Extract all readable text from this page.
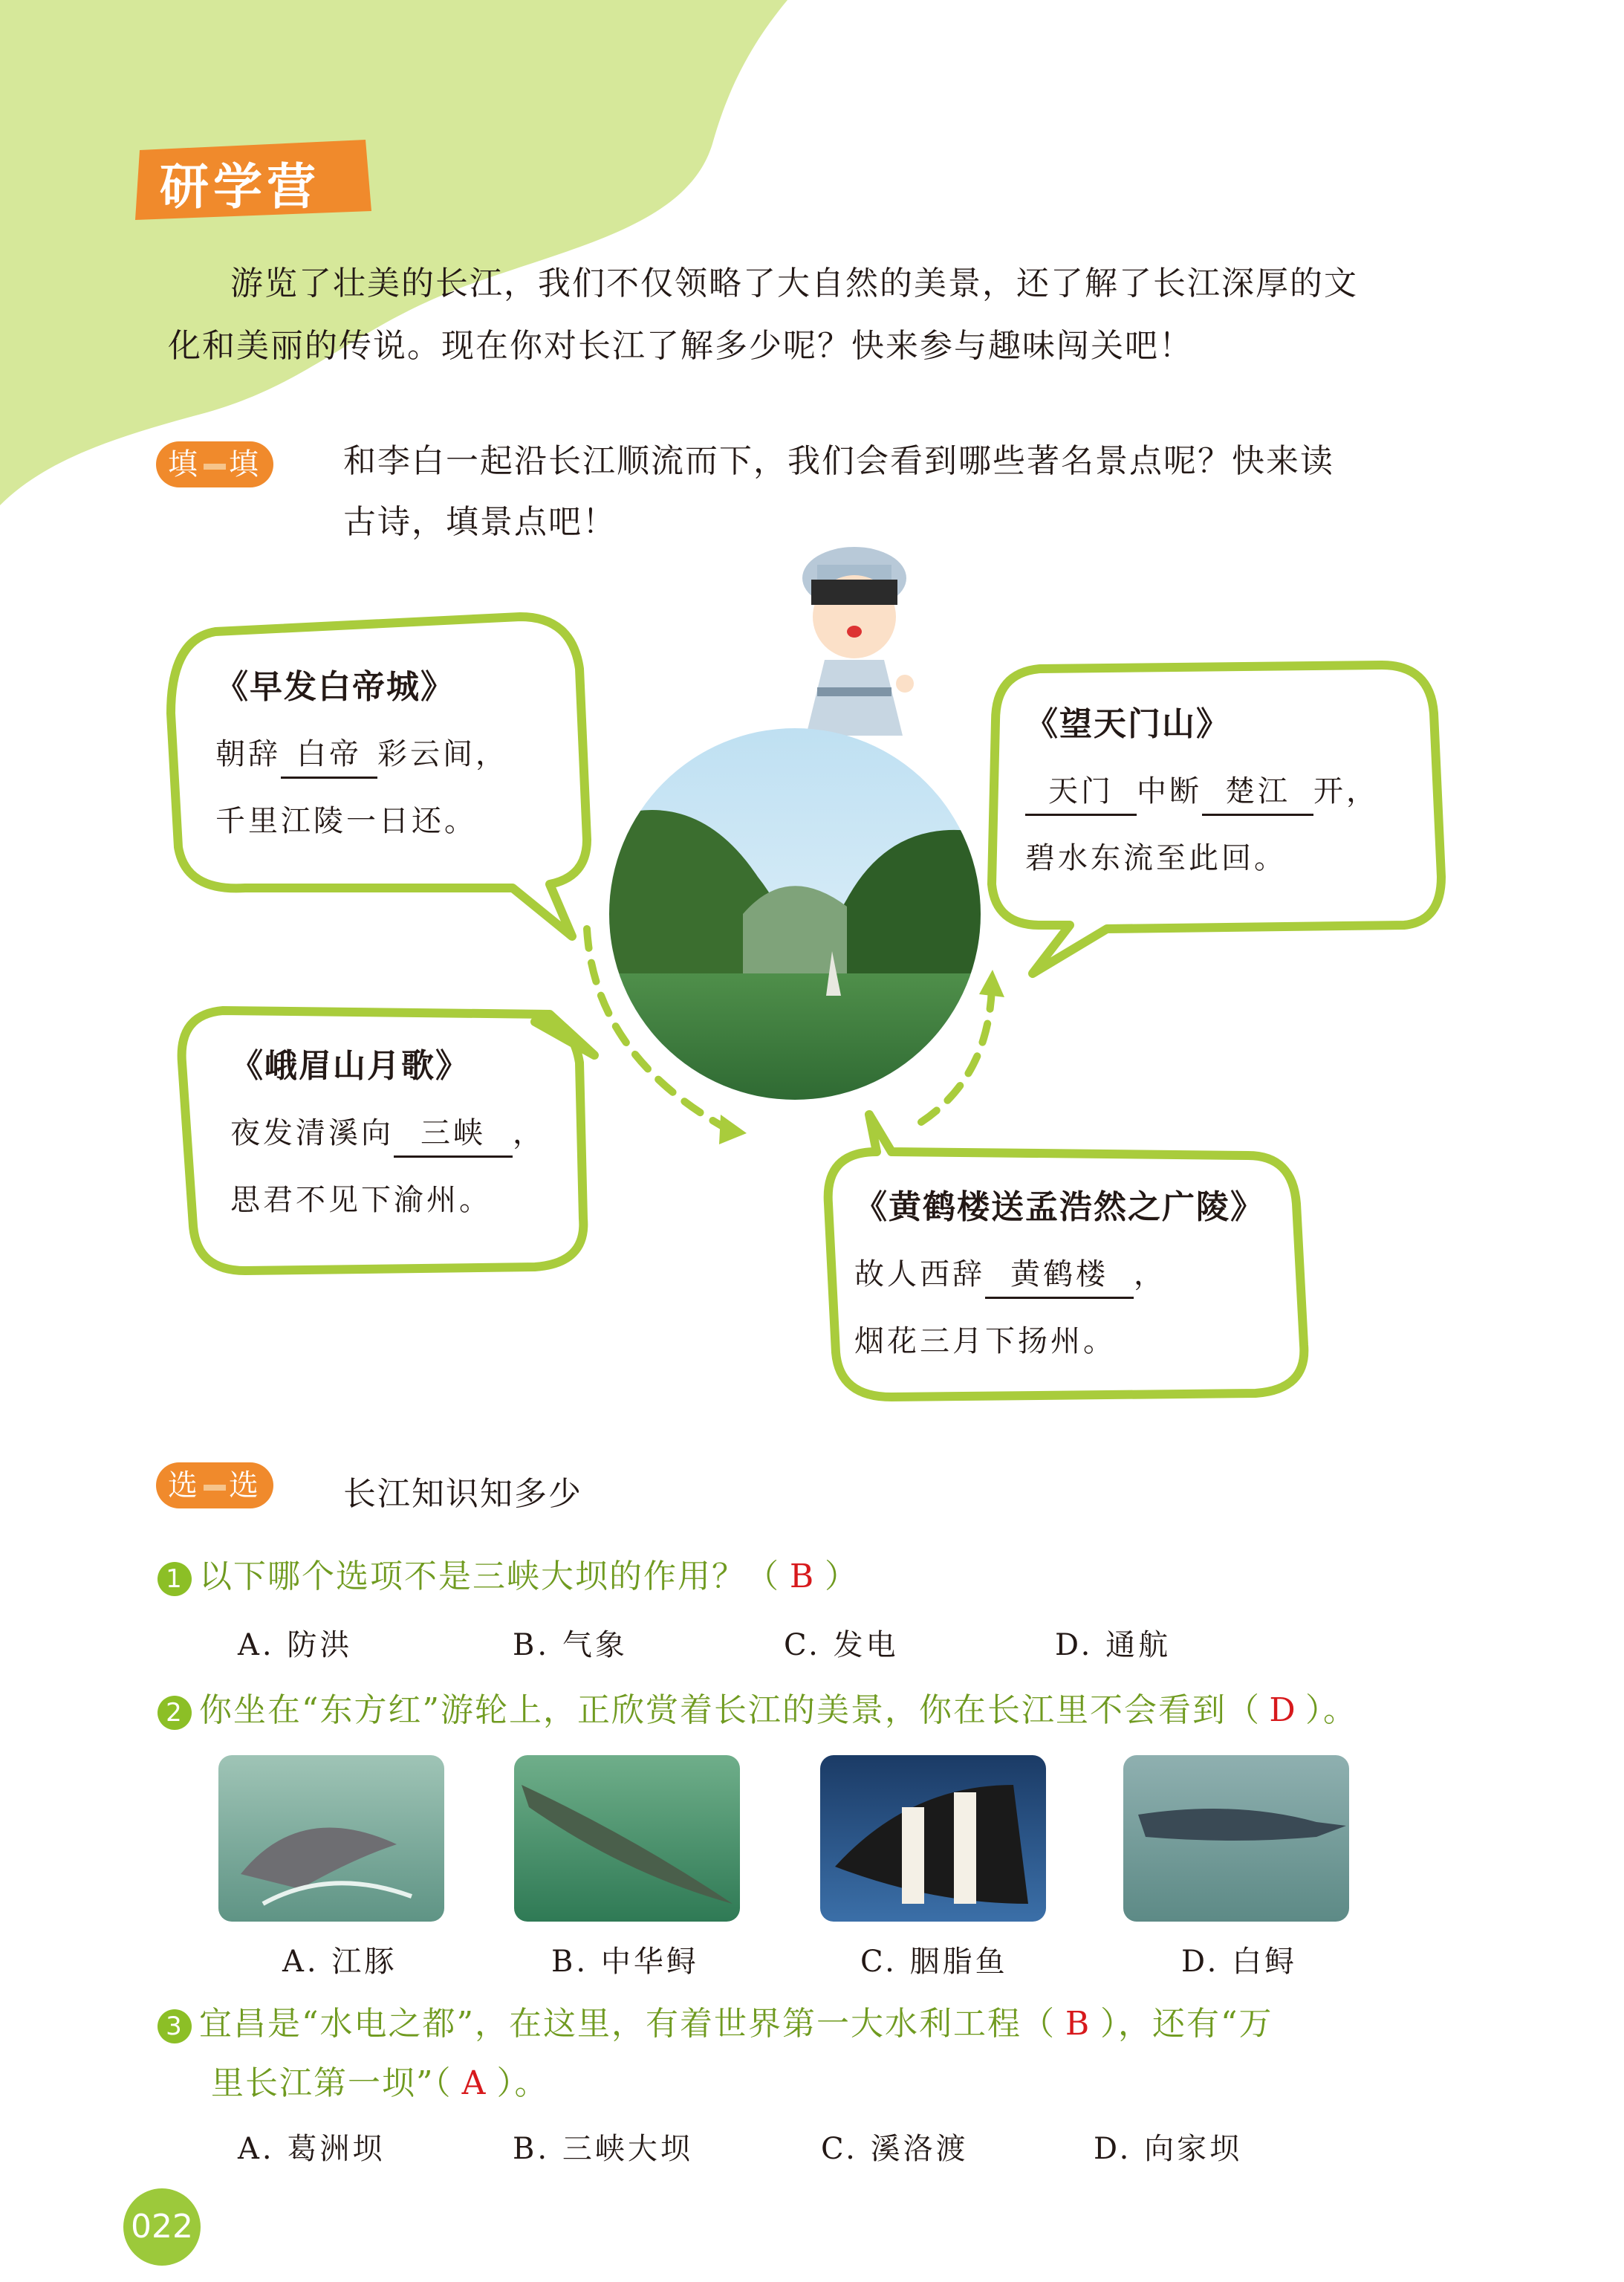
研学营
游览了壮美的长江，我们不仅领略了大自然的美景，还了解了长江深厚的文
化和美丽的传说。现在你对长江了解多少呢？快来参与趣味闯关吧！
填 填	和李白一起沿长江顺流而下，我们会看到哪些著名景点呢？快来读
古诗，填景点吧！
《早发白帝城》
朝辞 白帝 彩云间，
千里江陵一日还。
《望天门山》
天门 中断 楚江 开，
碧水东流至此回。
《峨眉山月歌》
夜发清溪向 三峡 ，
思君不见下渝州。	《黄鹤楼送孟浩然之广陵》
故人西辞 黄鹤楼 ，
烟花三月下扬州。
选 选	长江知识知多少
1 以下哪个选项不是三峡大坝的作用？（ B ）
A. 防洪	B. 气象	C. 发电	D. 通航
2 你坐在“东方红”游轮上，正欣赏着长江的美景，你在长江里不会看到（ D ）。
A. 江豚	B. 中华鲟	C. 胭脂鱼	D. 白鲟
3 宜昌是“水电之都”，在这里，有着世界第一大水利工程（ B ），还有“万
里长江第一坝”（ A ）。
A. 葛洲坝	B. 三峡大坝	C. 溪洛渡	D. 向家坝
022
